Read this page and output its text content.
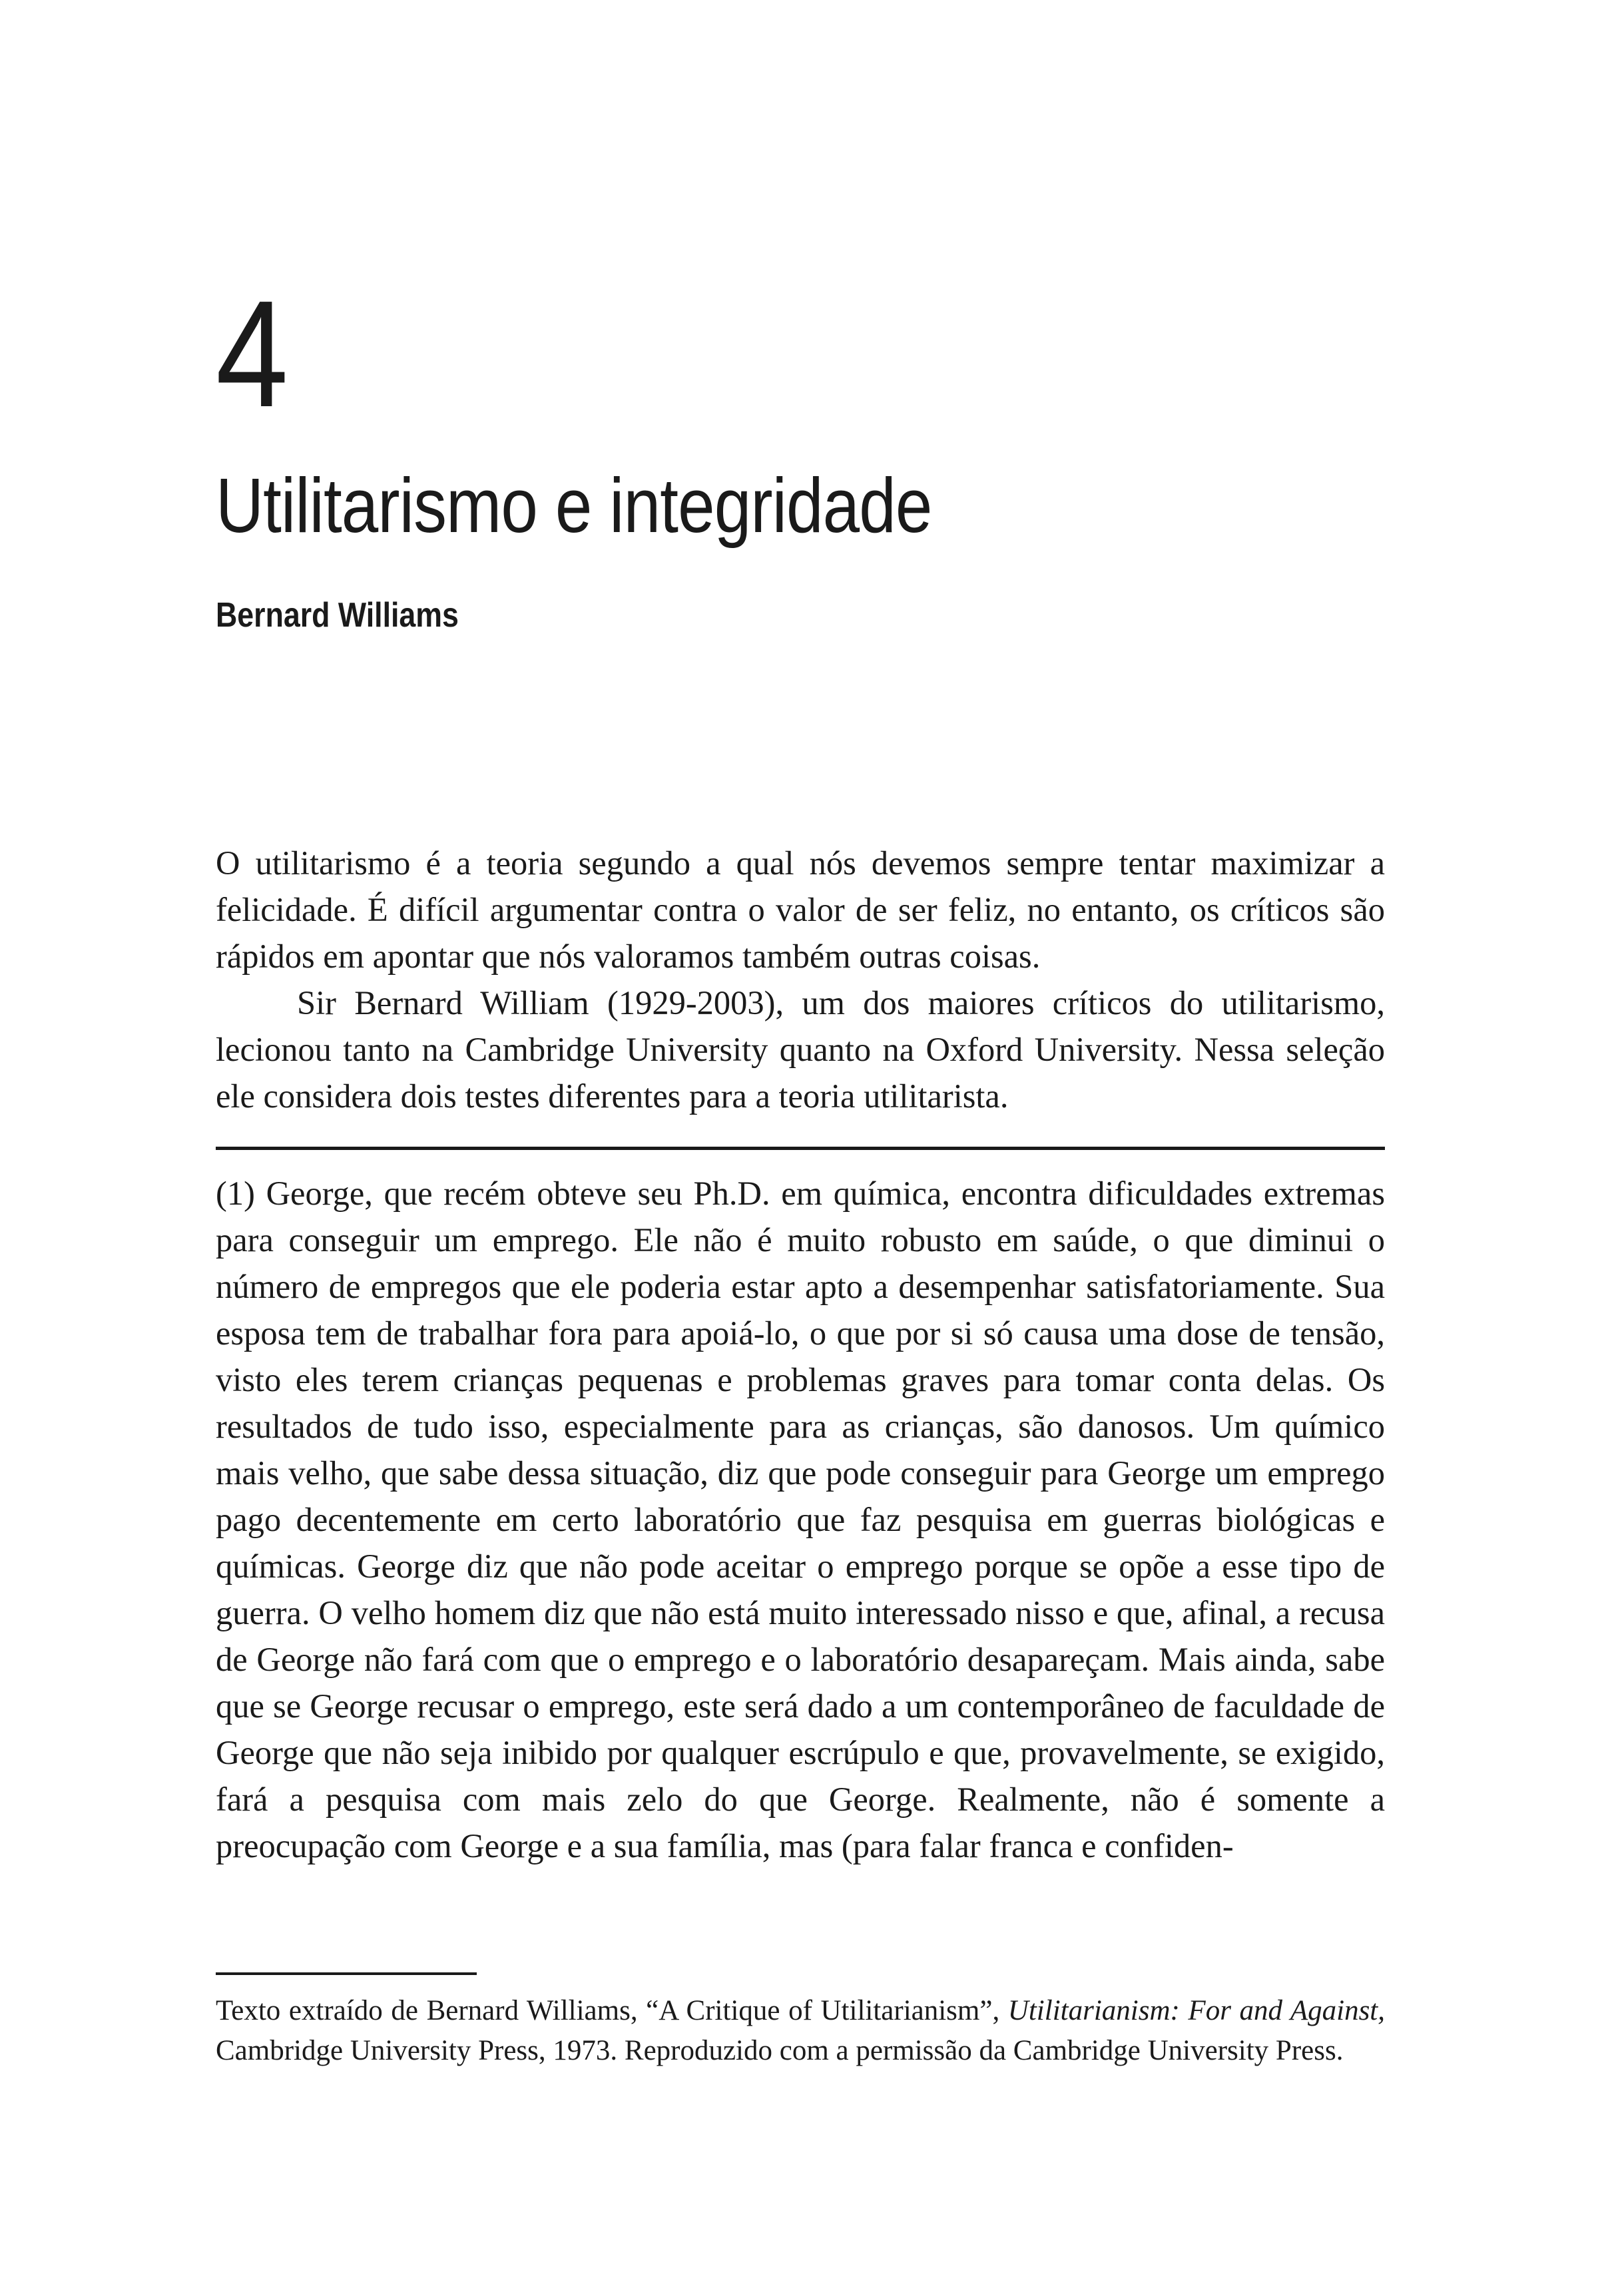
4
Utilitarismo e integridade
Bernard Williams

O utilitarismo é a teoria segundo a qual nós devemos sempre tentar maximizar a felicidade. É difícil argumentar contra o valor de ser feliz, no entanto, os críticos são rápidos em apontar que nós valoramos também outras coisas.

Sir Bernard William (1929-2003), um dos maiores críticos do utilitarismo, lecionou tanto na Cambridge University quanto na Oxford University. Nessa seleção ele considera dois testes diferentes para a teoria utilitarista.

(1) George, que recém obteve seu Ph.D. em química, encontra dificuldades extremas para conseguir um emprego. Ele não é muito robusto em saúde, o que diminui o número de empregos que ele poderia estar apto a desempenhar satisfatoriamente. Sua esposa tem de trabalhar fora para apoiá-lo, o que por si só causa uma dose de tensão, visto eles terem crianças pequenas e problemas graves para tomar conta delas. Os resultados de tudo isso, especialmente para as crianças, são danosos. Um químico mais velho, que sabe dessa situação, diz que pode conseguir para George um emprego pago decentemente em certo laboratório que faz pesquisa em guerras biológicas e químicas. George diz que não pode aceitar o emprego porque se opõe a esse tipo de guerra. O velho homem diz que não está muito interessado nisso e que, afinal, a recusa de George não fará com que o emprego e o laboratório desapareçam. Mais ainda, sabe que se George recusar o emprego, este será dado a um contemporâneo de faculdade de George que não seja inibido por qualquer escrúpulo e que, provavelmente, se exigido, fará a pesquisa com mais zelo do que George. Realmente, não é somente a preocupação com George e a sua família, mas (para falar franca e confiden-

Texto extraído de Bernard Williams, “A Critique of Utilitarianism”, Utilitarianism: For and Against, Cambridge University Press, 1973. Reproduzido com a permissão da Cambridge University Press.
